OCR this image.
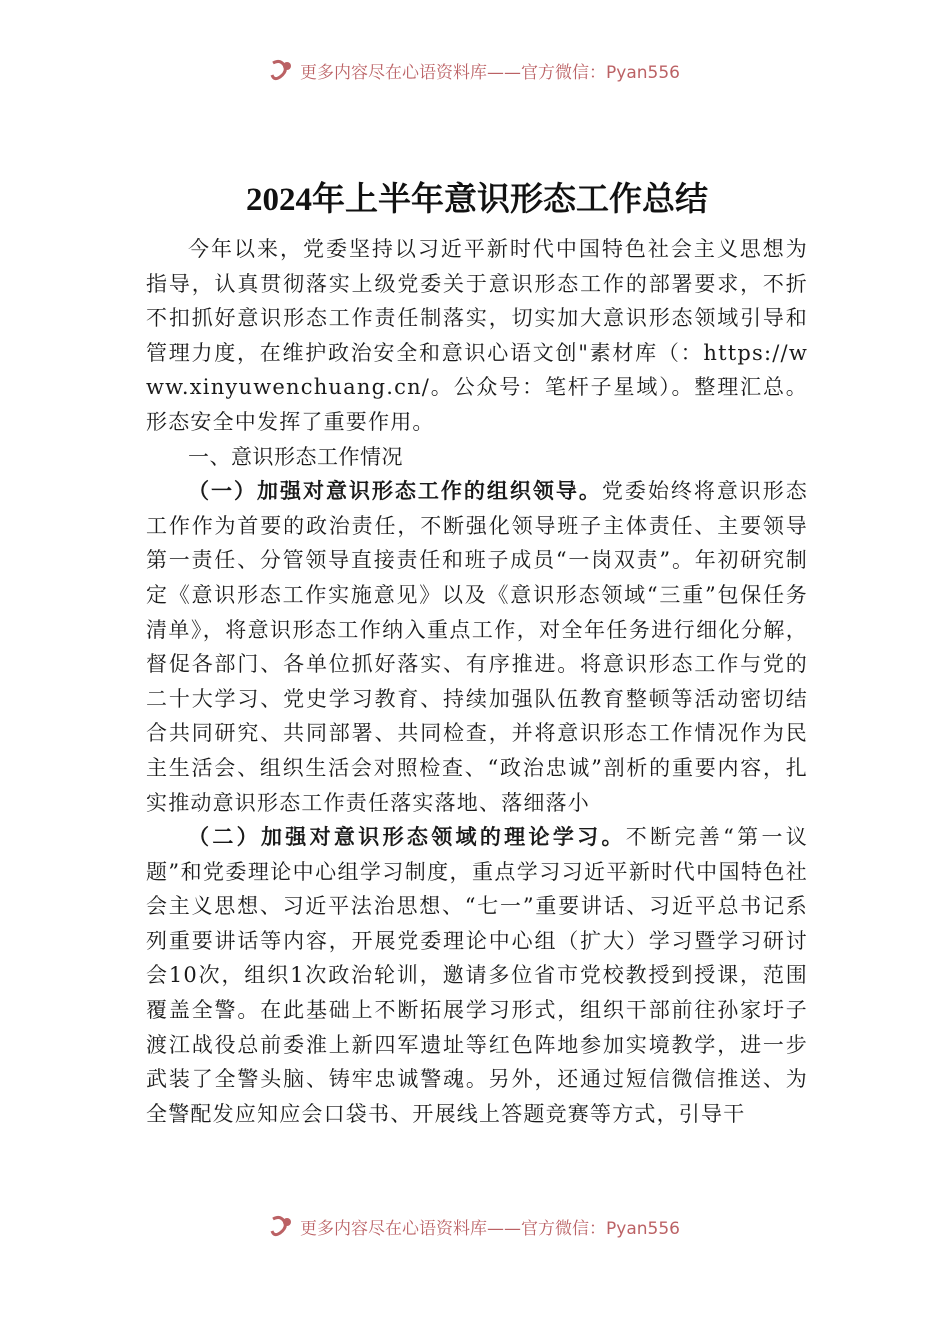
更多内容尽在心语资料库——官方微信：Pyan556
2024年上半年意识形态工作总结

今年以来，党委坚持以习近平新时代中国特色社会主义思想为指导，认真贯彻落实上级党委关于意识形态工作的部署要求，不折不扣抓好意识形态工作责任制落实，切实加大意识形态领域引导和管理力度，在维护政治安全和意识心语文创"素材库（：https://www.xinyuwenchuang.cn/。公众号：笔杆子星域）。整理汇总。形态安全中发挥了重要作用。

一、意识形态工作情况

（一）加强对意识形态工作的组织领导。党委始终将意识形态工作作为首要的政治责任，不断强化领导班子主体责任、主要领导第一责任、分管领导直接责任和班子成员“一岗双责”。年初研究制定《意识形态工作实施意见》以及《意识形态领域“三重”包保任务清单》，将意识形态工作纳入重点工作，对全年任务进行细化分解，督促各部门、各单位抓好落实、有序推进。将意识形态工作与党的二十大学习、党史学习教育、持续加强队伍教育整顿等活动密切结合共同研究、共同部署、共同检查，并将意识形态工作情况作为民主生活会、组织生活会对照检查、“政治忠诚”剖析的重要内容，扎实推动意识形态工作责任落实落地、落细落小

（二）加强对意识形态领域的理论学习。不断完善“第一议题”和党委理论中心组学习制度，重点学习习近平新时代中国特色社会主义思想、习近平法治思想、“七一”重要讲话、习近平总书记系列重要讲话等内容，开展党委理论中心组（扩大）学习暨学习研讨会10次，组织1次政治轮训，邀请多位省市党校教授到授课，范围覆盖全警。在此基础上不断拓展学习形式，组织干部前往孙家圩子渡江战役总前委淮上新四军遗址等红色阵地参加实境教学，进一步武装了全警头脑、铸牢忠诚警魂。另外，还通过短信微信推送、为全警配发应知应会口袋书、开展线上答题竞赛等方式，引导干

更多内容尽在心语资料库——官方微信：Pyan556
